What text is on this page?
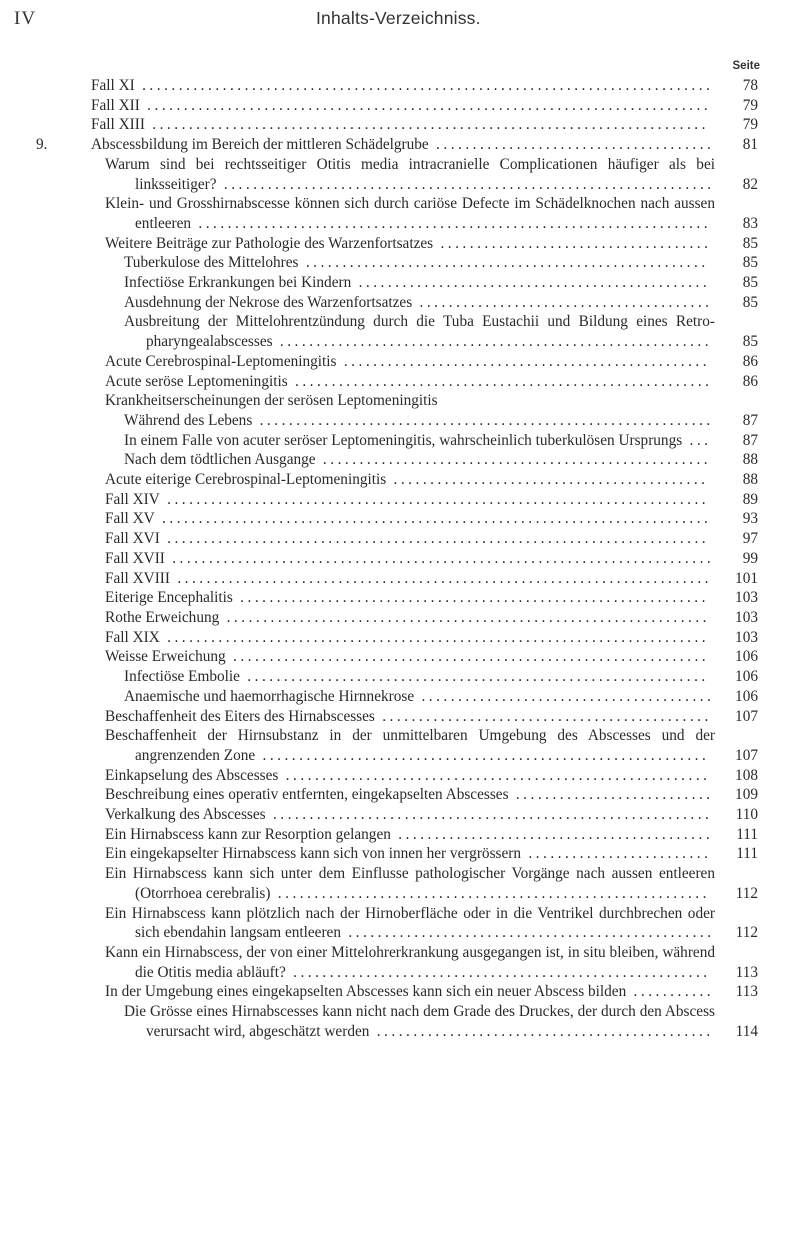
IV	Inhalts-Verzeichniss.
Seite
Fall XI ..............................................................................	78
Fall XII .............................................................................	79
Fall XIII ............................................................................	79
9.	Abscessbildung im Bereich der mittleren Schädelgrube ......................................	81
Warum sind bei rechtsseitiger Otitis media intracranielle Complicationen häufiger als bei linksseitiger? ...................................................................	82
Klein- und Grosshirnabscesse können sich durch cariöse Defecte im Schädelknochen nach aussen entleeren ......................................................................	83
Weitere Beiträge zur Pathologie des Warzenfortsatzes .....................................	85
Tuberkulose des Mittelohres .......................................................	85
Infectiöse Erkrankungen bei Kindern ................................................	85
Ausdehnung der Nekrose des Warzenfortsatzes ........................................	85
Ausbreitung der Mittelohrentzündung durch die Tuba Eustachii und Bildung eines Retro-pharyngealabscesses ...........................................................	85
Acute Cerebrospinal-Leptomeningitis ..................................................	86
Acute seröse Leptomeningitis .........................................................	86
Krankheitserscheinungen der serösen Leptomeningitis
Während des Lebens ..............................................................	87
In einem Falle von acuter seröser Leptomeningitis, wahrscheinlich tuberkulösen Ursprungs ...	87
Nach dem tödtlichen Ausgange .....................................................	88
Acute eiterige Cerebrospinal-Leptomeningitis ...........................................	88
Fall XIV ..........................................................................	89
Fall XV ...........................................................................	93
Fall XVI ..........................................................................	97
Fall XVII ..........................................................................	99
Fall XVIII .........................................................................	101
Eiterige Encephalitis ................................................................	103
Rothe Erweichung ..................................................................	103
Fall XIX ..........................................................................	103
Weisse Erweichung .................................................................	106
Infectiöse Embolie ...............................................................	106
Anaemische und haemorrhagische Hirnnekrose ........................................	106
Beschaffenheit des Eiters des Hirnabscesses .............................................	107
Beschaffenheit der Hirnsubstanz in der unmittelbaren Umgebung des Abscesses und der angrenzenden Zone .............................................................	107
Einkapselung des Abscesses ..........................................................	108
Beschreibung eines operativ entfernten, eingekapselten Abscesses ...........................	109
Verkalkung des Abscesses ............................................................	110
Ein Hirnabscess kann zur Resorption gelangen ...........................................	111
Ein eingekapselter Hirnabscess kann sich von innen her vergrössern .........................	111
Ein Hirnabscess kann sich unter dem Einflusse pathologischer Vorgänge nach aussen entleeren (Otorrhoea cerebralis) ...........................................................	112
Ein Hirnabscess kann plötzlich nach der Hirnoberfläche oder in die Ventrikel durchbrechen oder sich ebendahin langsam entleeren ..................................................	112
Kann ein Hirnabscess, der von einer Mittelohrerkrankung ausgegangen ist, in situ bleiben, während die Otitis media abläuft? .........................................................	113
In der Umgebung eines eingekapselten Abscesses kann sich ein neuer Abscess bilden ...........	113
Die Grösse eines Hirnabscesses kann nicht nach dem Grade des Druckes, der durch den Abscess verursacht wird, abgeschätzt werden ..............................................	114
